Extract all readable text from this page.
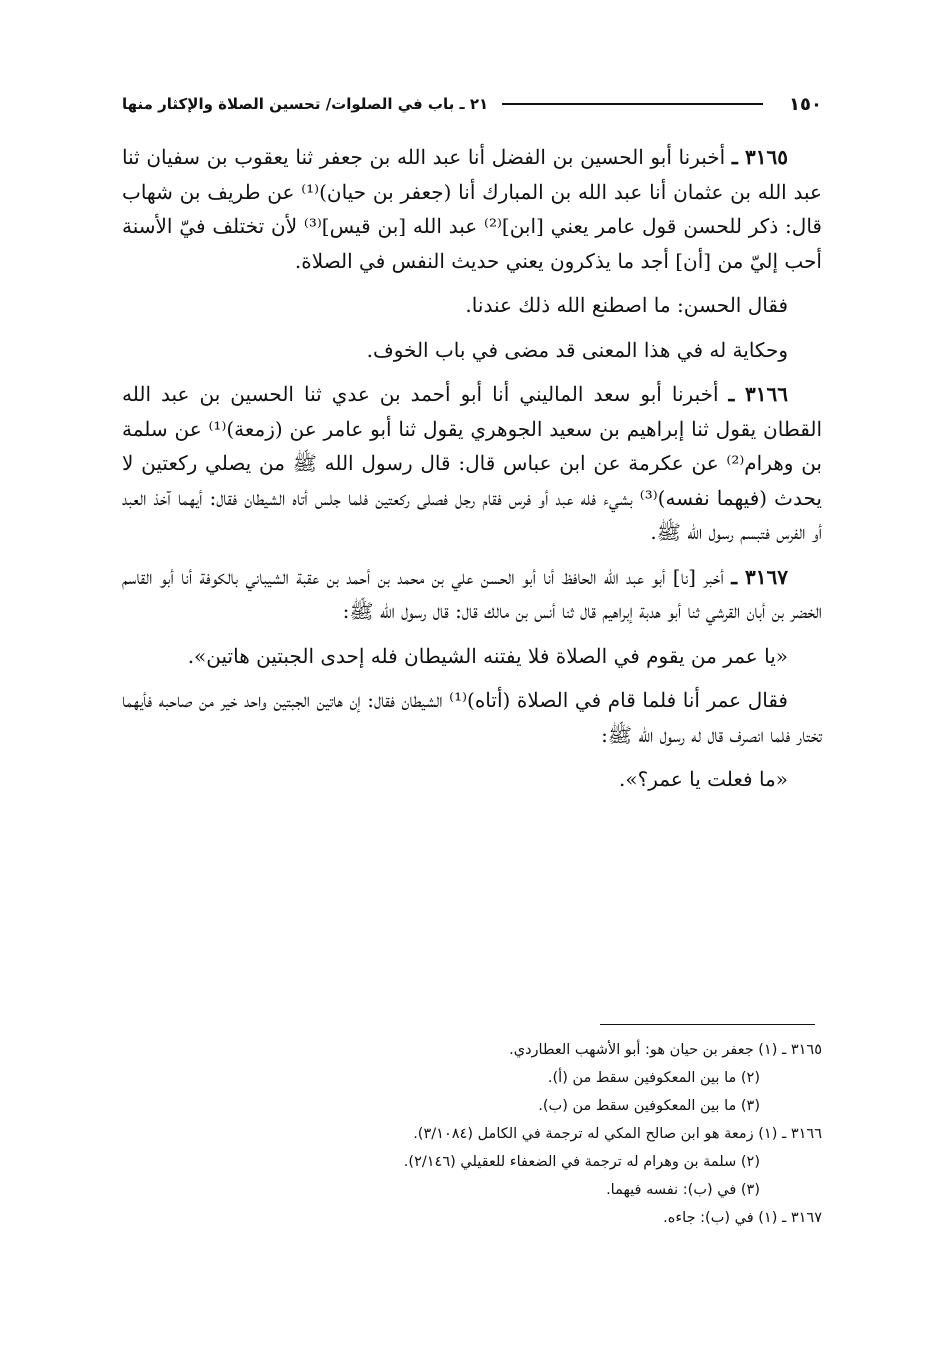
١٥٠
٢١ ـ باب في الصلوات/ تحسين الصلاة والإكثار منها

٣١٦٥ ـ أخبرنا أبو الحسين بن الفضل أنا عبد الله بن جعفر ثنا يعقوب بن سفيان ثنا عبد الله بن عثمان أنا عبد الله بن المبارك أنا (جعفر بن حيان)⁽¹⁾ عن طريف بن شهاب قال: ذكر للحسن قول عامر يعني [ابن]⁽²⁾ عبد الله [بن قيس]⁽³⁾ لأن تختلف فيّ الأسنة أحب إليّ من [أن] أجد ما يذكرون يعني حديث النفس في الصلاة.

فقال الحسن: ما اصطنع الله ذلك عندنا.

وحكاية له في هذا المعنى قد مضى في باب الخوف.

٣١٦٦ ـ أخبرنا أبو سعد الماليني أنا أبو أحمد بن عدي ثنا الحسين بن عبد الله القطان يقول ثنا إبراهيم بن سعيد الجوهري يقول ثنا أبو عامر عن (زمعة)⁽¹⁾ عن سلمة بن وهرام⁽²⁾ عن عكرمة عن ابن عباس قال: قال رسول الله ﷺ من يصلي ركعتين لا يحدث (فيهما نفسه)⁽³⁾ بشيء فله عبد أو فرس فقام رجل فصلى ركعتين فلما جلس أتاه الشيطان فقال: أيهما آخذ العبد أو الفرس فتبسم رسول الله ﷺ.

٣١٦٧ ـ أخبر [نا] أبو عبد الله الحافظ أنا أبو الحسن علي بن محمد بن أحمد بن عقبة الشيباني بالكوفة أنا أبو القاسم الخضر بن أبان القرشي ثنا أبو هدبة إبراهيم قال ثنا أنس بن مالك قال: قال رسول الله ﷺ:

«يا عمر من يقوم في الصلاة فلا يفتنه الشيطان فله إحدى الجبتين هاتين».

فقال عمر أنا فلما قام في الصلاة (أتاه)⁽¹⁾ الشيطان فقال: إن هاتين الجبتين واحد خير من صاحبه فأيهما تختار فلما انصرف قال له رسول الله ﷺ:

«ما فعلت يا عمر؟».

٣١٦٥ ـ (١) جعفر بن حيان هو: أبو الأشهب العطاردي.
(٢) ما بين المعكوفين سقط من (أ).
(٣) ما بين المعكوفين سقط من (ب).
٣١٦٦ ـ (١) زمعة هو ابن صالح المكي له ترجمة في الكامل (٣/١٠٨٤).
(٢) سلمة بن وهرام له ترجمة في الضعفاء للعقيلي (٢/١٤٦).
(٣) في (ب): نفسه فيهما.
٣١٦٧ ـ (١) في (ب): جاءه.
